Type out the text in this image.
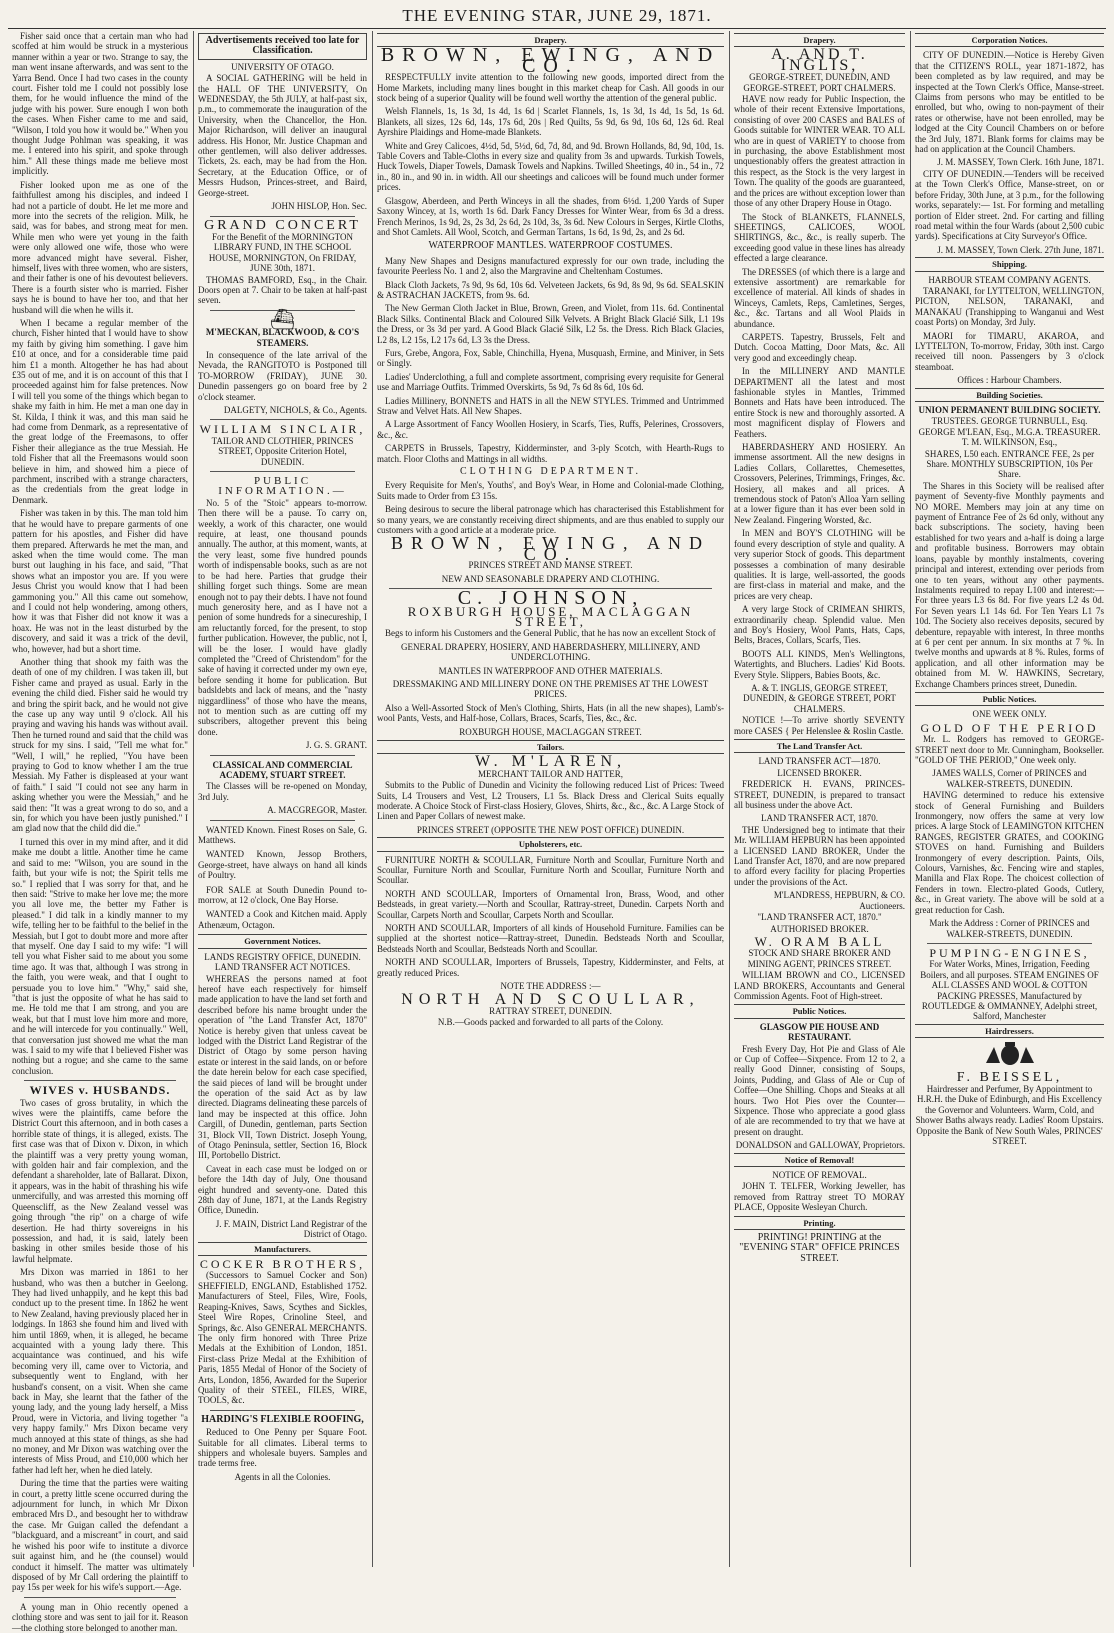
THE EVENING STAR, JUNE 29, 1871.

Fisher said once that a certain man who had scoffed at him would be struck in a mysterious manner within a year or two. Strange to say, the man went insane afterwards, and was sent to the Yarra Bend. Once I had two cases in the county court. Fisher told me I could not possibly lose them, for he would influence the mind of the judge with his power. Sure enough I won both the cases. When Fisher came to me and said, "Wilson, I told you how it would be." When you thought Judge Pohlman was speaking, it was me. I entered into his spirit, and spoke through him." All these things made me believe most implicitly.

Fisher looked upon me as one of the faithfullest among his disciples, and indeed I had not a particle of doubt. He let me more and more into the secrets of the religion. Milk, he said, was for babes, and strong meat for men. While men who were yet young in the faith were only allowed one wife, those who were more advanced might have several. Fisher, himself, lives with three women, who are sisters, and their father is one of his devoutest believers. There is a fourth sister who is married. Fisher says he is bound to have her too, and that her husband will die when he wills it.

When I became a regular member of the church, Fisher hinted that I would have to show my faith by giving him something. I gave him £10 at once, and for a considerable time paid him £1 a month. Altogether he has had about £35 out of me, and it is on account of this that I proceeded against him for false pretences. Now I will tell you some of the things which began to shake my faith in him. He met a man one day in St. Kilda, I think it was, and this man said he had come from Denmark, as a representative of the great lodge of the Freemasons, to offer Fisher their allegiance as the true Messiah. He told Fisher that all the Freemasons would soon believe in him, and showed him a piece of parchment, inscribed with a strange characters, as the credentials from the great lodge in Denmark.

Fisher was taken in by this. The man told him that he would have to prepare garments of one pattern for his apostles, and Fisher did have them prepared. Afterwards he met the man, and asked when the time would come. The man burst out laughing in his face, and said, "That shows what an impostor you are. If you were Jesus Christ you would know that I had been gammoning you." All this came out somehow, and I could not help wondering, among others, how it was that Fisher did not know it was a hoax. He was not in the least disturbed by the discovery, and said it was a trick of the devil, who, however, had but a short time.

Another thing that shook my faith was the death of one of my children. I was taken ill, but Fisher came and prayed as usual. Early in the evening the child died. Fisher said he would try and bring the spirit back, and he would not give the case up any way until 9 o'clock. All his praying and waving his hands was without avail. Then he turned round and said that the child was struck for my sins. I said, "Tell me what for." "Well, I will," he replied, "You have been praying to God to know whether I am the true Messiah. My Father is displeased at your want of faith." I said "I could not see any harm in asking whether you were the Messiah," and he said then: "It was a great wrong to do so, and a sin, for which you have been justly punished." I am glad now that the child did die."

I turned this over in my mind after, and it did make me doubt a little. Another time he came and said to me: "Wilson, you are sound in the faith, but your wife is not; the Spirit tells me so." I replied that I was sorry for that, and he then said: "Strive to make her love me; the more you all love me, the better my Father is pleased." I did talk in a kindly manner to my wife, telling her to be faithful to the belief in the Messiah, but I got to doubt more and more after that myself. One day I said to my wife: "I will tell you what Fisher said to me about you some time ago. It was that, although I was strong in the faith, you were weak, and that I ought to persuade you to love him." "Why," said she, "that is just the opposite of what he has said to me. He told me that I am strong, and you are weak, but that I must love him more and more, and he will intercede for you continually." Well, that conversation just showed me what the man was. I said to my wife that I believed Fisher was nothing but a rogue; and she came to the same conclusion.

WIVES v. HUSBANDS.

Two cases of gross brutality, in which the wives were the plaintiffs, came before the District Court this afternoon, and in both cases a horrible state of things, it is alleged, exists. The first case was that of Dixon v. Dixon, in which the plaintiff was a very pretty young woman, with golden hair and fair complexion, and the defendant a shareholder, late of Ballarat. Dixon, it appears, was in the habit of thrashing his wife unmercifully, and was arrested this morning off Queenscliff, as the New Zealand vessel was going through "the rip" on a charge of wife desertion. He had thirty sovereigns in his possession, and had, it is said, lately been basking in other smiles beside those of his lawful helpmate.

Mrs Dixon was married in 1861 to her husband, who was then a butcher in Geelong. They had lived unhappily, and he kept this bad conduct up to the present time. In 1862 he went to New Zealand, having previously placed her in lodgings. In 1863 she found him and lived with him until 1869, when, it is alleged, he became acquainted with a young lady there. This acquaintance was continued, and his wife becoming very ill, came over to Victoria, and subsequently went to England, with her husband's consent, on a visit. When she came back in May, she learnt that the father of the young lady, and the young lady herself, a Miss Proud, were in Victoria, and living together "a very happy family." Mrs Dixon became very much annoyed at this state of things, as she had no money, and Mr Dixon was watching over the interests of Miss Proud, and £10,000 which her father had left her, when he died lately.

During the time that the parties were waiting in court, a pretty little scene occurred during the adjournment for lunch, in which Mr Dixon embraced Mrs D., and besought her to withdraw the case. Mr Guigan called the defendant a "blackguard, and a miscreant" in court, and said he wished his poor wife to institute a divorce suit against him, and he (the counsel) would conduct it himself. The matter was ultimately disposed of by Mr Call ordering the plaintiff to pay 15s per week for his wife's support.—Age.

A young man in Ohio recently opened a clothing store and was sent to jail for it. Reason—the clothing store belonged to another man.

Advertisements received too late for Classification.
UNIVERSITY OF OTAGO.

A SOCIAL GATHERING will be held in the HALL OF THE UNIVERSITY, On WEDNESDAY, the 5th JULY, at half-past six, p.m., to commemorate the inauguration of the University, when the Chancellor, the Hon. Major Richardson, will deliver an inaugural address. His Honor, Mr. Justice Chapman and other gentlemen, will also deliver addresses. Tickets, 2s. each, may be had from the Hon. Secretary, at the Education Office, or of Messrs Hudson, Princes-street, and Baird, George-street.

JOHN HISLOP, Hon. Sec.
GRAND CONCERT
For the Benefit of the MORNINGTON LIBRARY FUND, IN THE SCHOOL HOUSE, MORNINGTON, On FRIDAY, JUNE 30th, 1871.

THOMAS BAMFORD, Esq., in the Chair. Doors open at 7. Chair to be taken at half-past seven.

⛴
M'MECKAN, BLACKWOOD, & CO'S STEAMERS.

In consequence of the late arrival of the Nevada, the RANGITOTO is Postponed till TO-MORROW (FRIDAY), JUNE 30. Dunedin passengers go on board free by 2 o'clock steamer.

DALGETY, NICHOLS, & Co., Agents.
WILLIAM SINCLAIR,
TAILOR AND CLOTHIER, PRINCES STREET, Opposite Criterion Hotel, DUNEDIN.
PUBLIC INFORMATION.—

No. 5 of the "Stoic" appears to-morrow. Then there will be a pause. To carry on, weekly, a work of this character, one would require, at least, one thousand pounds annually. The author, at this moment, wants, at the very least, some five hundred pounds worth of indispensable books, such as are not to be had here. Parties that grudge their shilling forget such things. Some are mean enough not to pay their debts. I have not found much generosity here, and as I have not a penion of some hundreds for a sinecureship, I am reluctantly forced, for the present, to stop further publication. However, the public, not I, will be the loser. I would have gladly completed the "Creed of Christendom" for the sake of having it corrected under my own eye, before sending it home for publication. But badsldebts and lack of means, and the "nasty niggardliness" of those who have the means, not to mention such as are cutting off my subscribers, altogether prevent this being done.

J. G. S. GRANT.
CLASSICAL AND COMMERCIAL ACADEMY, STUART STREET.

The Classes will be re-opened on Monday, 3rd July.

A. MACGREGOR, Master.

WANTED Known. Finest Roses on Sale, G. Matthews.

WANTED Known, Jessop Brothers, George-street, have always on hand all kinds of Poultry.

FOR SALE at South Dunedin Pound to-morrow, at 12 o'clock, One Bay Horse.

WANTED a Cook and Kitchen maid. Apply Athenæum, Octagon.

Government Notices.
LANDS REGISTRY OFFICE, DUNEDIN. LAND TRANSFER ACT NOTICES.

WHEREAS the persons named at foot hereof have each respectively for himself made application to have the land set forth and described before his name brought under the operation of "the Land Transfer Act, 1870" Notice is hereby given that unless caveat be lodged with the District Land Registrar of the District of Otago by some person having estate or interest in the said lands, on or before the date herein below for each case specified, the said pieces of land will be brought under the operation of the said Act as by law directed. Diagrams delineating these parcels of land may be inspected at this office. John Cargill, of Dunedin, gentleman, parts Section 31, Block VII, Town District. Joseph Young, of Otago Peninsula, settler, Section 16, Block III, Portobello District.

Caveat in each case must be lodged on or before the 14th day of July, One thousand eight hundred and seventy-one. Dated this 28th day of June, 1871, at the Lands Registry Office, Dunedin.

J. F. MAIN, District Land Registrar of the District of Otago.
Manufacturers.
COCKER BROTHERS,

(Successors to Samuel Cocker and Son) SHEFFIELD, ENGLAND, Established 1752. Manufacturers of Steel, Files, Wire, Fools, Reaping-Knives, Saws, Scythes and Sickles, Steel Wire Ropes, Crinoline Steel, and Springs, &c. Also GENERAL MERCHANTS. The only firm honored with Three Prize Medals at the Exhibition of London, 1851. First-class Prize Medal at the Exhibition of Paris, 1855 Medal of Honor of the Society of Arts, London, 1856, Awarded for the Superior Quality of their STEEL, FILES, WIRE, TOOLS, &c.

HARDING'S FLEXIBLE ROOFING,

Reduced to One Penny per Square Foot. Suitable for all climates. Liberal terms to shippers and wholesale buyers. Samples and trade terms free.

Agents in all the Colonies.
Drapery.
BROWN, EWING, AND CO.

RESPECTFULLY invite attention to the following new goods, imported direct from the Home Markets, including many lines bought in this market cheap for Cash. All goods in our stock being of a superior Quality will be found well worthy the attention of the general public.

Welsh Flannels, 1s, 1s 3d, 1s 4d, 1s 6d | Scarlet Flannels, 1s, 1s 3d, 1s 4d, 1s 5d, 1s 6d. Blankets, all sizes, 12s 6d, 14s, 17s 6d, 20s | Red Quilts, 5s 9d, 6s 9d, 10s 6d, 12s 6d. Real Ayrshire Plaidings and Home-made Blankets.

White and Grey Calicoes, 4½d, 5d, 5½d, 6d, 7d, 8d, and 9d. Brown Hollands, 8d, 9d, 10d, 1s. Table Covers and Table-Cloths in every size and quality from 3s and upwards. Turkish Towels, Huck Towels, Diaper Towels, Damask Towels and Napkins. Twilled Sheetings, 40 in., 54 in., 72 in., 80 in., and 90 in. in width. All our sheetings and calicoes will be found much under former prices.

Glasgow, Aberdeen, and Perth Winceys in all the shades, from 6½d. 1,200 Yards of Super Saxony Wincey, at 1s, worth 1s 6d. Dark Fancy Dresses for Winter Wear, from 6s 3d a dress. French Merinos, 1s 9d, 2s, 2s 3d, 2s 6d, 2s 10d, 3s, 3s 6d. New Colours in Serges, Kirtle Cloths, and Shot Camlets. All Wool, Scotch, and German Tartans, 1s 6d, 1s 9d, 2s, and 2s 6d.

WATERPROOF MANTLES. WATERPROOF COSTUMES.

Many New Shapes and Designs manufactured expressly for our own trade, including the favourite Peerless No. 1 and 2, also the Margravine and Cheltenham Costumes.

Black Cloth Jackets, 7s 9d, 9s 6d, 10s 6d. Velveteen Jackets, 6s 9d, 8s 9d, 9s 6d. SEALSKIN & ASTRACHAN JACKETS, from 9s. 6d.

The New German Cloth Jacket in Blue, Brown, Green, and Violet, from 11s. 6d. Continental Black Silks. Continental Black and Coloured Silk Velvets. A Bright Black Glacié Silk, L1 19s the Dress, or 3s 3d per yard. A Good Black Glacié Silk, L2 5s. the Dress. Rich Black Glacies, L2 8s, L2 15s, L2 17s 6d, L3 3s the Dress.

Furs, Grebe, Angora, Fox, Sable, Chinchilla, Hyena, Musquash, Ermine, and Miniver, in Sets or Singly.

Ladies' Underclothing, a full and complete assortment, comprising every requisite for General use and Marriage Outfits. Trimmed Overskirts, 5s 9d, 7s 6d 8s 6d, 10s 6d.

Ladies Millinery, BONNETS and HATS in all the NEW STYLES. Trimmed and Untrimmed Straw and Velvet Hats. All New Shapes.

A Large Assortment of Fancy Woollen Hosiery, in Scarfs, Ties, Ruffs, Pelerines, Crossovers, &c., &c.

CARPETS in Brussels, Tapestry, Kidderminster, and 3-ply Scotch, with Hearth-Rugs to match. Floor Cloths and Mattings in all widths.

CLOTHING DEPARTMENT.

Every Requisite for Men's, Youths', and Boy's Wear, in Home and Colonial-made Clothing, Suits made to Order from £3 15s.

Being desirous to secure the liberal patronage which has characterised this Establishment for so many years, we are constantly receiving direct shipments, and are thus enabled to supply our customers with a good article at a moderate price.

BROWN, EWING, AND CO.
PRINCES STREET AND MANSE STREET.
NEW AND SEASONABLE DRAPERY AND CLOTHING.
C. JOHNSON,
ROXBURGH HOUSE, MACLAGGAN STREET,

Begs to inform his Customers and the General Public, that he has now an excellent Stock of

GENERAL DRAPERY, HOSIERY, AND HABERDASHERY, MILLINERY, AND UNDERCLOTHING.
MANTLES IN WATERPROOF AND OTHER MATERIALS.
DRESSMAKING AND MILLINERY DONE ON THE PREMISES AT THE LOWEST PRICES.

Also a Well-Assorted Stock of Men's Clothing, Shirts, Hats (in all the new shapes), Lamb's-wool Pants, Vests, and Half-hose, Collars, Braces, Scarfs, Ties, &c., &c.

ROXBURGH HOUSE, MACLAGGAN STREET.
Tailors.
W. M'LAREN,
MERCHANT TAILOR AND HATTER,

Submits to the Public of Dunedin and Vicinity the following reduced List of Prices: Tweed Suits, L4 Trousers and Vest, L2 Trousers, L1 5s. Black Dress and Clerical Suits equally moderate. A Choice Stock of First-class Hosiery, Gloves, Shirts, &c., &c., &c. A Large Stock of Linen and Paper Collars of newest make.

PRINCES STREET (OPPOSITE THE NEW POST OFFICE) DUNEDIN.
Upholsterers, etc.

FURNITURE NORTH & SCOULLAR, Furniture North and Scoullar, Furniture North and Scoullar, Furniture North and Scoullar, Furniture North and Scoullar, Furniture North and Scoullar.

NORTH AND SCOULLAR, Importers of Ornamental Iron, Brass, Wood, and other Bedsteads, in great variety.—North and Scoullar, Rattray-street, Dunedin. Carpets North and Scoullar, Carpets North and Scoullar, Carpets North and Scoullar.

NORTH AND SCOULLAR, Importers of all kinds of Household Furniture. Families can be supplied at the shortest notice—Rattray-street, Dunedin. Bedsteads North and Scoullar, Bedsteads North and Scoullar, Bedsteads North and Scoullar.

NORTH AND SCOULLAR, Importers of Brussels, Tapestry, Kidderminster, and Felts, at greatly reduced Prices.

NOTE THE ADDRESS :—
NORTH AND SCOULLAR,
RATTRAY STREET, DUNEDIN.
N.B.—Goods packed and forwarded to all parts of the Colony.
Drapery.
A. AND T. INGLIS,
GEORGE-STREET, DUNEDIN, AND GEORGE-STREET, PORT CHALMERS.

HAVE now ready for Public Inspection, the whole of their recent Extensive Importations, consisting of over 200 CASES and BALES of Goods suitable for WINTER WEAR. TO ALL who are in quest of VARIETY to choose from in purchasing, the above Establishment most unquestionably offers the greatest attraction in this respect, as the Stock is the very largest in Town. The quality of the goods are guaranteed, and the prices are without exception lower than those of any other Drapery House in Otago.

The Stock of BLANKETS, FLANNELS, SHEETINGS, CALICOES, WOOL SHIRTINGS, &c., &c., is really superb. The exceeding good value in these lines has already effected a large clearance.

The DRESSES (of which there is a large and extensive assortment) are remarkable for excellence of material. All kinds of shades in Winceys, Camlets, Reps, Camletines, Serges, &c., &c. Tartans and all Wool Plaids in abundance.

CARPETS. Tapestry, Brussels, Felt and Dutch. Cocoa Matting, Door Mats, &c. All very good and exceedingly cheap.

In the MILLINERY AND MANTLE DEPARTMENT all the latest and most fashionable styles in Mantles, Trimmed Bonnets and Hats have been introduced. The entire Stock is new and thoroughly assorted. A most magnificent display of Flowers and Feathers.

HABERDASHERY AND HOSIERY. An immense assortment. All the new designs in Ladies Collars, Collarettes, Chemesettes, Crossovers, Pelerines, Trimmings, Fringes, &c. Hosiery, all makes and all prices. A tremendous stock of Paton's Alloa Yarn selling at a lower figure than it has ever been sold in New Zealand. Fingering Worsted, &c.

In MEN and BOY'S CLOTHING will be found every description of style and quality. A very superior Stock of goods. This department possesses a combination of many desirable qualities. It is large, well-assorted, the goods are first-class in material and make, and the prices are very cheap.

A very large Stock of CRIMEAN SHIRTS, extraordinarily cheap. Splendid value. Men and Boy's Hosiery, Wool Pants, Hats, Caps, Belts, Braces, Collars, Scarfs, Ties.

BOOTS ALL KINDS, Men's Wellingtons, Watertights, and Bluchers. Ladies' Kid Boots. Every Style. Slippers, Babies Boots, &c.

A. & T. INGLIS, GEORGE STREET, DUNEDIN, & GEORGE STREET, PORT CHALMERS.

NOTICE !—To arrive shortly SEVENTY more CASES { Per Helenslee & Roslin Castle.

The Land Transfer Act.
LAND TRANSFER ACT—1870.
LICENSED BROKER.

FREDERICK H. EVANS, PRINCES-STREET, DUNEDIN, is prepared to transact all business under the above Act.

LAND TRANSFER ACT, 1870.

THE Undersigned beg to intimate that their Mr. WILLIAM HEPBURN has been appointed a LICENSED LAND BROKER, Under the Land Transfer Act, 1870, and are now prepared to afford every facility for placing Properties under the provisions of the Act.

M'LANDRESS, HEPBURN, & CO. Auctioneers.
"LAND TRANSFER ACT, 1870."
AUTHORISED BROKER.
W. ORAM BALL
STOCK AND SHARE BROKER AND MINING AGENT, PRINCES STREET.

WILLIAM BROWN and CO., LICENSED LAND BROKERS, Accountants and General Commission Agents. Foot of High-street.

Public Notices.
GLASGOW PIE HOUSE AND RESTAURANT.

Fresh Every Day, Hot Pie and Glass of Ale or Cup of Coffee—Sixpence. From 12 to 2, a really Good Dinner, consisting of Soups, Joints, Pudding, and Glass of Ale or Cup of Coffee—One Shilling. Chops and Steaks at all hours. Two Hot Pies over the Counter—Sixpence. Those who appreciate a good glass of ale are recommended to try that we have at present on draught.

DONALDSON and GALLOWAY, Proprietors.
Notice of Removal!
NOTICE OF REMOVAL.

JOHN T. TELFER, Working Jeweller, has removed from Rattray street TO MORAY PLACE, Opposite Wesleyan Church.

Printing.
PRINTING! PRINTING at the "EVENING STAR" OFFICE PRINCES STREET.
Corporation Notices.

CITY OF DUNEDIN.—Notice is Hereby Given that the CITIZEN'S ROLL, year 1871-1872, has been completed as by law required, and may be inspected at the Town Clerk's Office, Manse-street. Claims from persons who may be entitled to be enrolled, but who, owing to non-payment of their rates or otherwise, have not been enrolled, may be lodged at the City Council Chambers on or before the 3rd July, 1871. Blank forms for claims may be had on application at the Council Chambers.

J. M. MASSEY, Town Clerk. 16th June, 1871.

CITY OF DUNEDIN.—Tenders will be received at the Town Clerk's Office, Manse-street, on or before Friday, 30th June, at 3 p.m., for the following works, separately:— 1st. For forming and metalling portion of Elder street. 2nd. For carting and filling road metal within the four Wards (about 2,500 cubic yards). Specifications at City Surveyor's Office.

J. M. MASSEY, Town Clerk. 27th June, 1871.
Shipping.
HARBOUR STEAM COMPANY AGENTS.

TARANAKI, for LYTTELTON, WELLINGTON, PICTON, NELSON, TARANAKI, and MANAKAU (Transhipping to Wanganui and West coast Ports) on Monday, 3rd July.

MAORI for TIMARU, AKAROA, and LYTTELTON, To-morrow, Friday, 30th inst. Cargo received till noon. Passengers by 3 o'clock steamboat.

Offices : Harbour Chambers.
Building Societies.
UNION PERMANENT BUILDING SOCIETY.
TRUSTEES. GEORGE TURNBULL, Esq. GEORGE M'LEAN, Esq., M.G.A. TREASURER. T. M. WILKINSON, Esq.,
SHARES, L50 each. ENTRANCE FEE, 2s per Share. MONTHLY SUBSCRIPTION, 10s Per Share.

The Shares in this Society will be realised after payment of Seventy-five Monthly payments and NO MORE. Members may join at any time on payment of Entrance Fee of 2s 6d only, without any back subscriptions. The society, having been established for two years and a-half is doing a large and profitable business. Borrowers may obtain loans, payable by monthly instalments, covering principal and interest, extending over periods from one to ten years, without any other payments. Instalments required to repay L100 and interest:— For three years L3 6s 8d. For five years L2 4s 0d. For Seven years L1 14s 6d. For Ten Years L1 7s 10d. The Society also receives deposits, secured by debenture, repayable with interest, In three months at 6 per cent per annum. In six months at 7 %. In twelve months and upwards at 8 %. Rules, forms of application, and all other information may be obtained from M. W. HAWKINS, Secretary, Exchange Chambers princes street, Dunedin.

Public Notices.
ONE WEEK ONLY.
GOLD OF THE PERIOD

Mr. L. Rodgers has removed to GEORGE-STREET next door to Mr. Cunningham, Bookseller. "GOLD OF THE PERIOD," One week only.

JAMES WALLS, Corner of PRINCES and WALKER-STREETS, DUNEDIN.

HAVING determined to reduce his extensive stock of General Furnishing and Builders Ironmongery, now offers the same at very low prices. A large Stock of LEAMINGTON KITCHEN RANGES, REGISTER GRATES, and COOKING STOVES on hand. Furnishing and Builders Ironmongery of every description. Paints, Oils, Colours, Varnishes, &c. Fencing wire and staples, Manilla and Flax Rope. The choicest collection of Fenders in town. Electro-plated Goods, Cutlery, &c., in Great variety. The above will be sold at a great reduction for Cash.

Mark the Address : Corner of PRINCES and WALKER-STREETS, DUNEDIN.
PUMPING-ENGINES,
For Water Works, Mines, Irrigation, Feeding Boilers, and all purposes. STEAM ENGINES OF ALL CLASSES AND WOOL & COTTON PACKING PRESSES, Manufactured by ROUTLEDGE & OMMANNEY, Adelphi street, Salford, Manchester
Hairdressers.
F. BEISSEL,
Hairdresser and Perfumer, By Appointment to H.R.H. the Duke of Edinburgh, and His Excellency the Governor and Volunteers. Warm, Cold, and Shower Baths always ready. Ladies' Room Upstairs. Opposite the Bank of New South Wales, PRINCES' STREET.
